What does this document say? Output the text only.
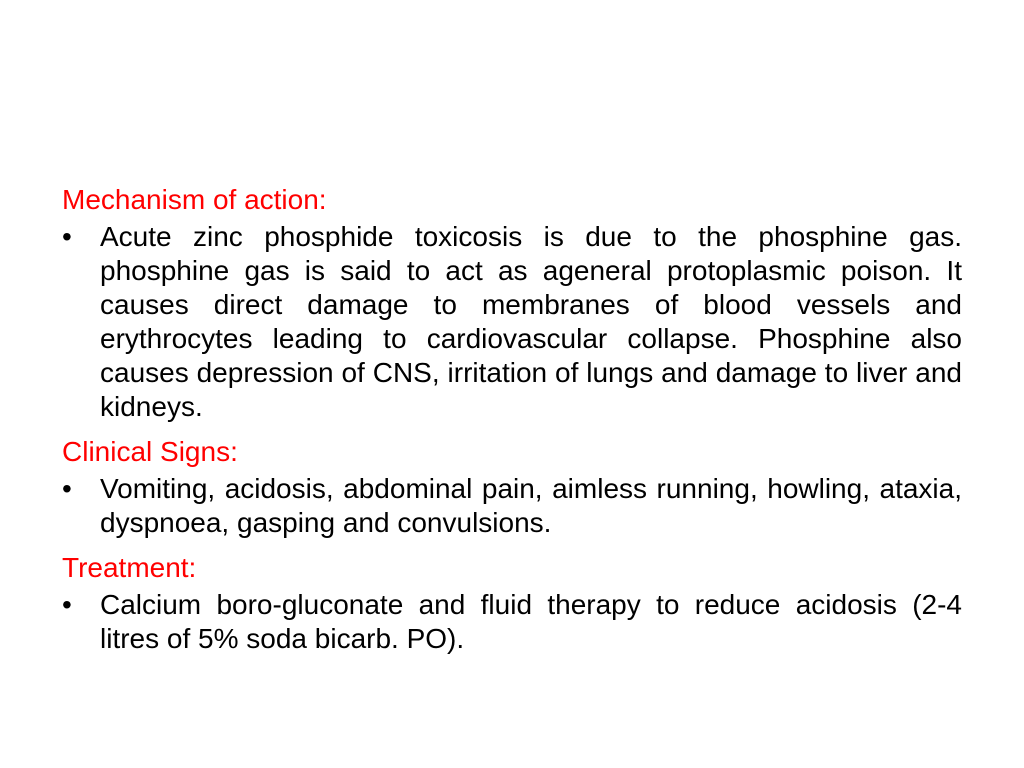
Mechanism of action:
•	Acute zinc phosphide toxicosis is due to the phosphine gas. phosphine gas is said to act as ageneral protoplasmic poison. It causes direct damage to membranes of blood vessels and erythrocytes leading to cardiovascular collapse. Phosphine also causes depression of CNS, irritation of lungs and damage to liver and kidneys.
Clinical Signs:
•	Vomiting, acidosis, abdominal pain, aimless running, howling, ataxia, dyspnoea, gasping and convulsions.
Treatment:
•	Calcium boro-gluconate and fluid therapy to reduce acidosis (2-4 litres of 5% soda bicarb. PO).
